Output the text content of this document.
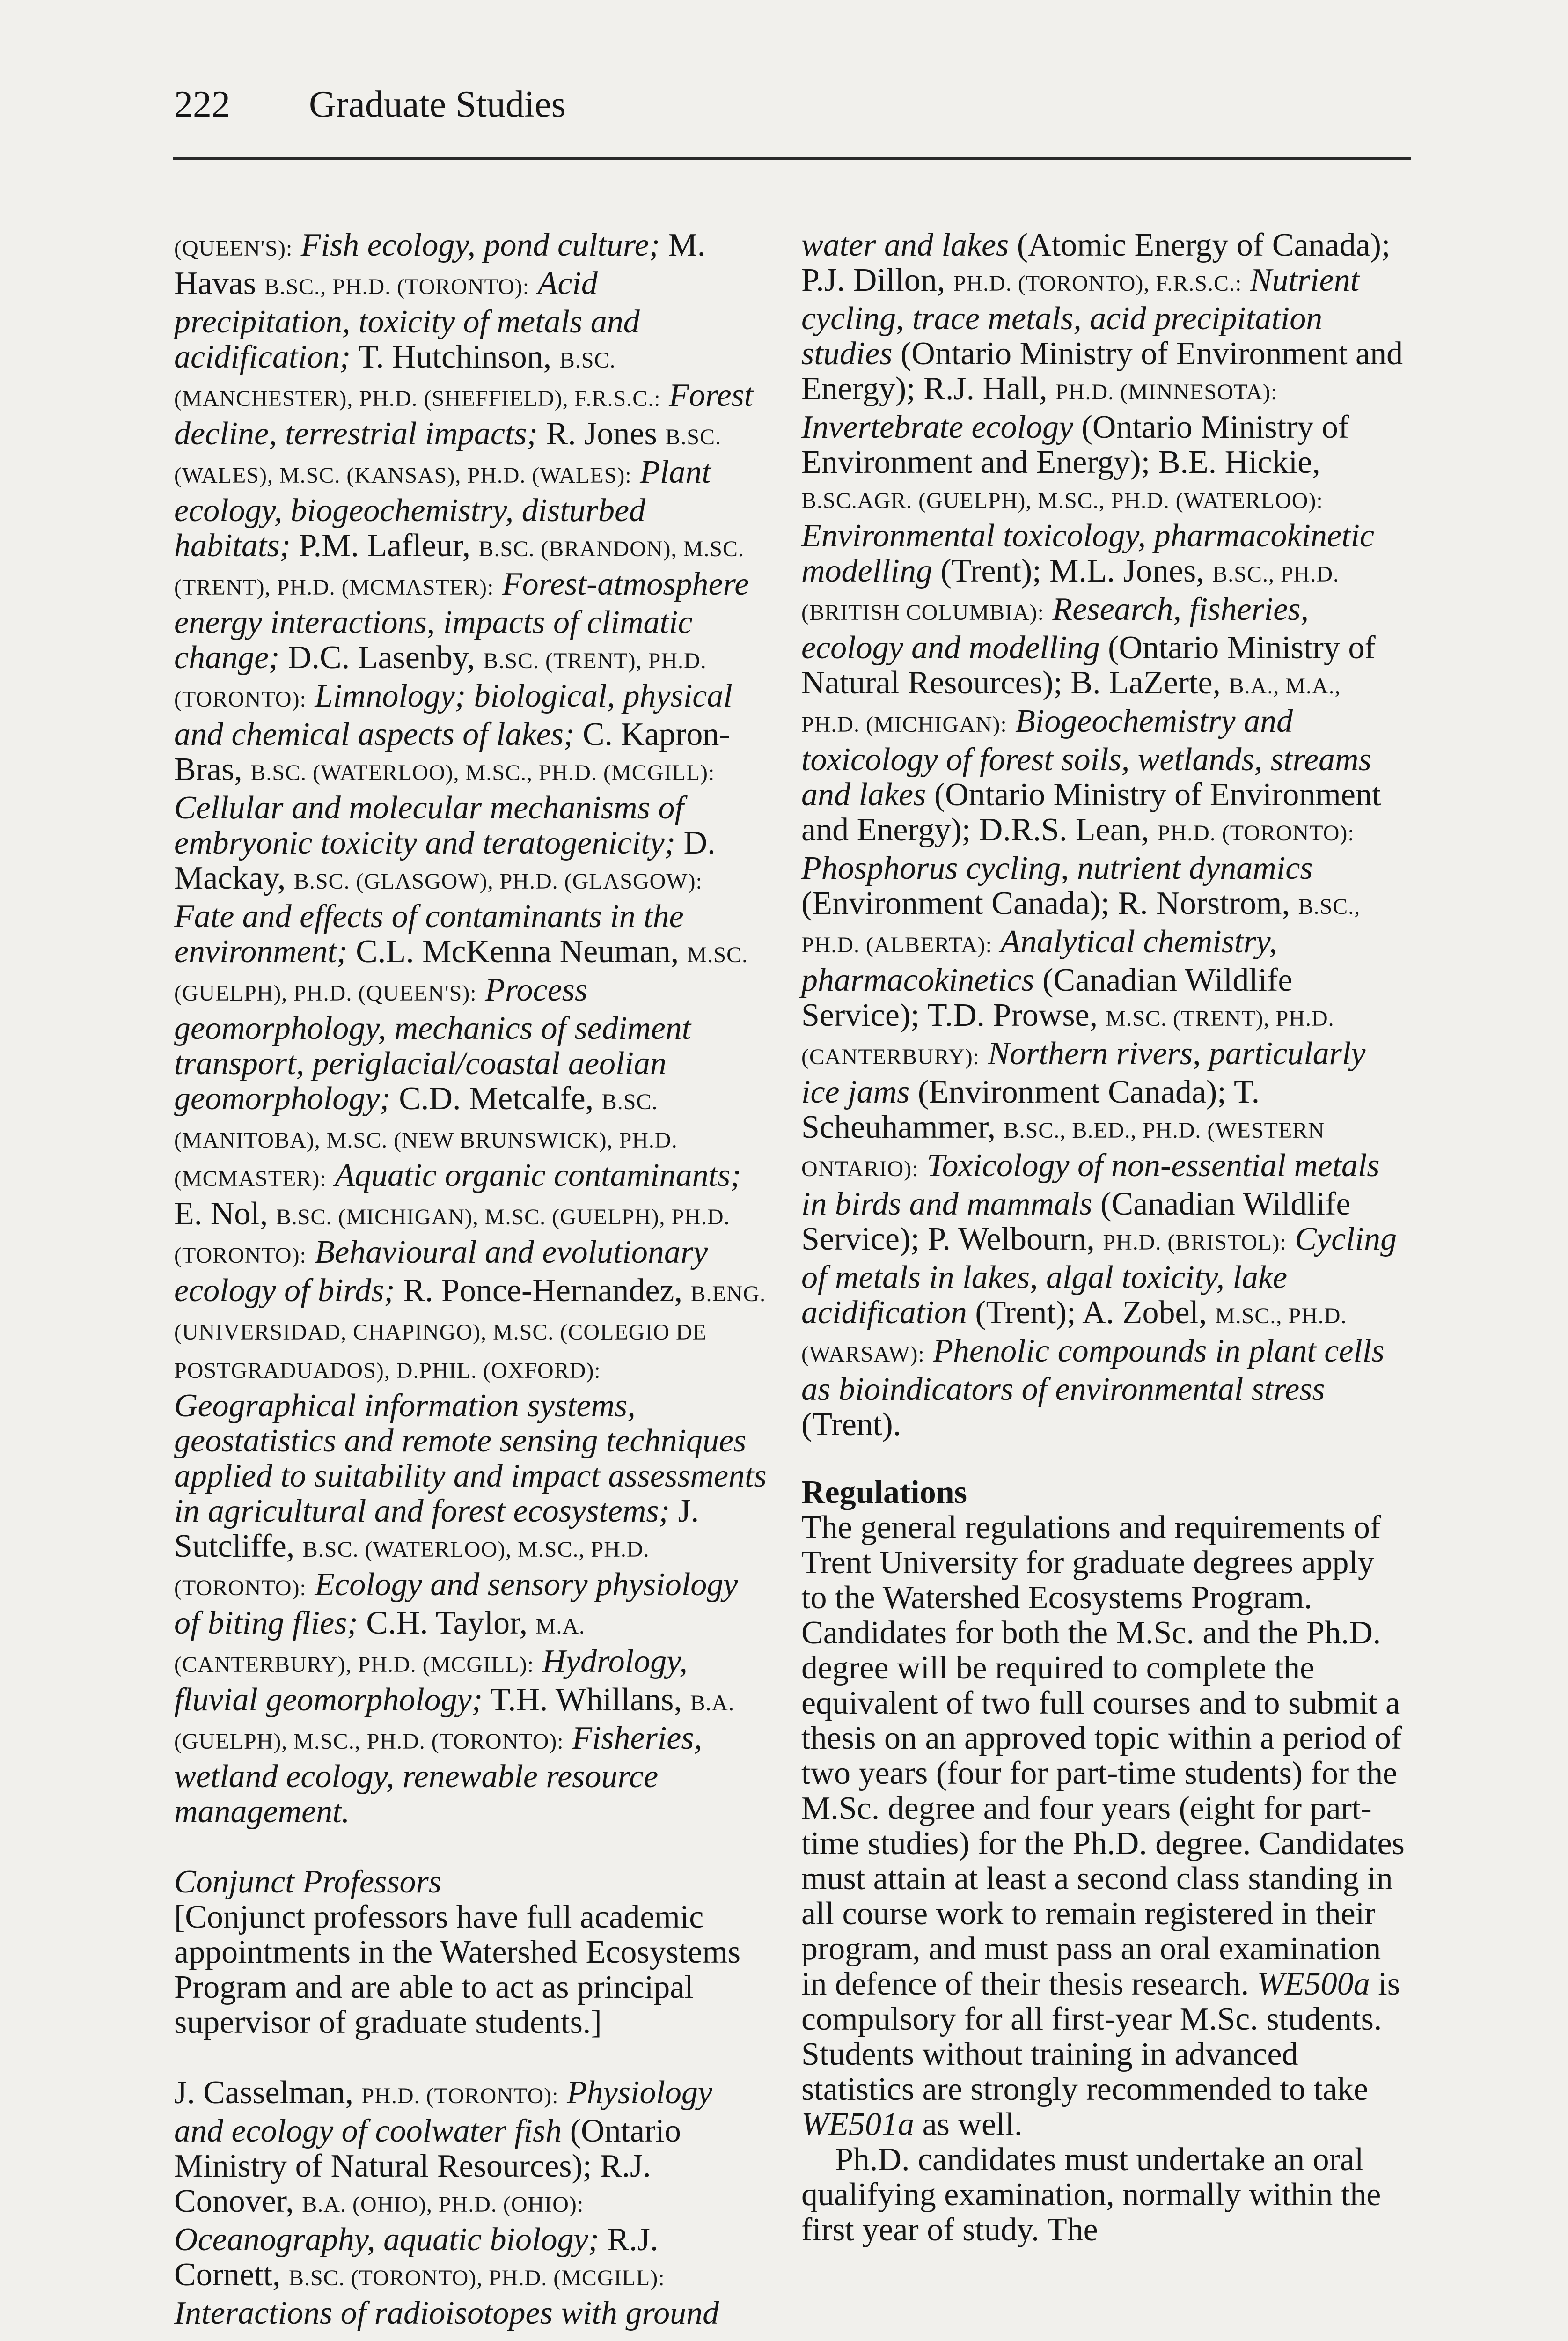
222 Graduate Studies

(QUEEN'S): Fish ecology, pond culture; M. Havas B.SC., PH.D. (TORONTO): Acid precipitation, toxicity of metals and acidification; T. Hutchinson, B.SC. (MANCHESTER), PH.D. (SHEFFIELD), F.R.S.C.: Forest decline, terrestrial impacts; R. Jones B.SC. (WALES), M.SC. (KANSAS), PH.D. (WALES): Plant ecology, biogeochemistry, disturbed habitats; P.M. Lafleur, B.SC. (BRANDON), M.SC. (TRENT), PH.D. (MCMASTER): Forest-atmosphere energy interactions, impacts of climatic change; D.C. Lasenby, B.SC. (TRENT), PH.D. (TORONTO): Limnology; biological, physical and chemical aspects of lakes; C. Kapron-Bras, B.SC. (WATERLOO), M.SC., PH.D. (MCGILL): Cellular and molecular mechanisms of embryonic toxicity and teratogenicity; D. Mackay, B.SC. (GLASGOW), PH.D. (GLASGOW): Fate and effects of contaminants in the environment; C.L. McKenna Neuman, M.SC. (GUELPH), PH.D. (QUEEN'S): Process geomorphology, mechanics of sediment transport, periglacial/coastal aeolian geomorphology; C.D. Metcalfe, B.SC. (MANITOBA), M.SC. (NEW BRUNSWICK), PH.D. (MCMASTER): Aquatic organic contaminants; E. Nol, B.SC. (MICHIGAN), M.SC. (GUELPH), PH.D. (TORONTO): Behavioural and evolutionary ecology of birds; R. Ponce-Hernandez, B.ENG. (UNIVERSIDAD, CHAPINGO), M.SC. (COLEGIO DE POSTGRADUADOS), D.PHIL. (OXFORD): Geographical information systems, geostatistics and remote sensing techniques applied to suitability and impact assessments in agricultural and forest ecosystems; J. Sutcliffe, B.SC. (WATERLOO), M.SC., PH.D. (TORONTO): Ecology and sensory physiology of biting flies; C.H. Taylor, M.A. (CANTERBURY), PH.D. (MCGILL): Hydrology, fluvial geomorphology; T.H. Whillans, B.A. (GUELPH), M.SC., PH.D. (TORONTO): Fisheries, wetland ecology, renewable resource management.

Conjunct Professors

[Conjunct professors have full academic appointments in the Watershed Ecosystems Program and are able to act as principal supervisor of graduate students.]

J. Casselman, PH.D. (TORONTO): Physiology and ecology of coolwater fish (Ontario Ministry of Natural Resources); R.J. Conover, B.A. (OHIO), PH.D. (OHIO): Oceanography, aquatic biology; R.J. Cornett, B.SC. (TORONTO), PH.D. (MCGILL): Interactions of radioisotopes with ground

water and lakes (Atomic Energy of Canada); P.J. Dillon, PH.D. (TORONTO), F.R.S.C.: Nutrient cycling, trace metals, acid precipitation studies (Ontario Ministry of Environment and Energy); R.J. Hall, PH.D. (MINNESOTA): Invertebrate ecology (Ontario Ministry of Environment and Energy); B.E. Hickie, B.SC.AGR. (GUELPH), M.SC., PH.D. (WATERLOO): Environmental toxicology, pharmacokinetic modelling (Trent); M.L. Jones, B.SC., PH.D. (BRITISH COLUMBIA): Research, fisheries, ecology and modelling (Ontario Ministry of Natural Resources); B. LaZerte, B.A., M.A., PH.D. (MICHIGAN): Biogeochemistry and toxicology of forest soils, wetlands, streams and lakes (Ontario Ministry of Environment and Energy); D.R.S. Lean, PH.D. (TORONTO): Phosphorus cycling, nutrient dynamics (Environment Canada); R. Norstrom, B.SC., PH.D. (ALBERTA): Analytical chemistry, pharmacokinetics (Canadian Wildlife Service); T.D. Prowse, M.SC. (TRENT), PH.D. (CANTERBURY): Northern rivers, particularly ice jams (Environment Canada); T. Scheuhammer, B.SC., B.ED., PH.D. (WESTERN ONTARIO): Toxicology of non-essential metals in birds and mammals (Canadian Wildlife Service); P. Welbourn, PH.D. (BRISTOL): Cycling of metals in lakes, algal toxicity, lake acidification (Trent); A. Zobel, M.SC., PH.D. (WARSAW): Phenolic compounds in plant cells as bioindicators of environmental stress (Trent).

Regulations

The general regulations and requirements of Trent University for graduate degrees apply to the Watershed Ecosystems Program. Candidates for both the M.Sc. and the Ph.D. degree will be required to complete the equivalent of two full courses and to submit a thesis on an approved topic within a period of two years (four for part-time students) for the M.Sc. degree and four years (eight for part-time studies) for the Ph.D. degree. Candidates must attain at least a second class standing in all course work to remain registered in their program, and must pass an oral examination in defence of their thesis research. WE500a is compulsory for all first-year M.Sc. students. Students without training in advanced statistics are strongly recommended to take WE501a as well.

Ph.D. candidates must undertake an oral qualifying examination, normally within the first year of study. The
